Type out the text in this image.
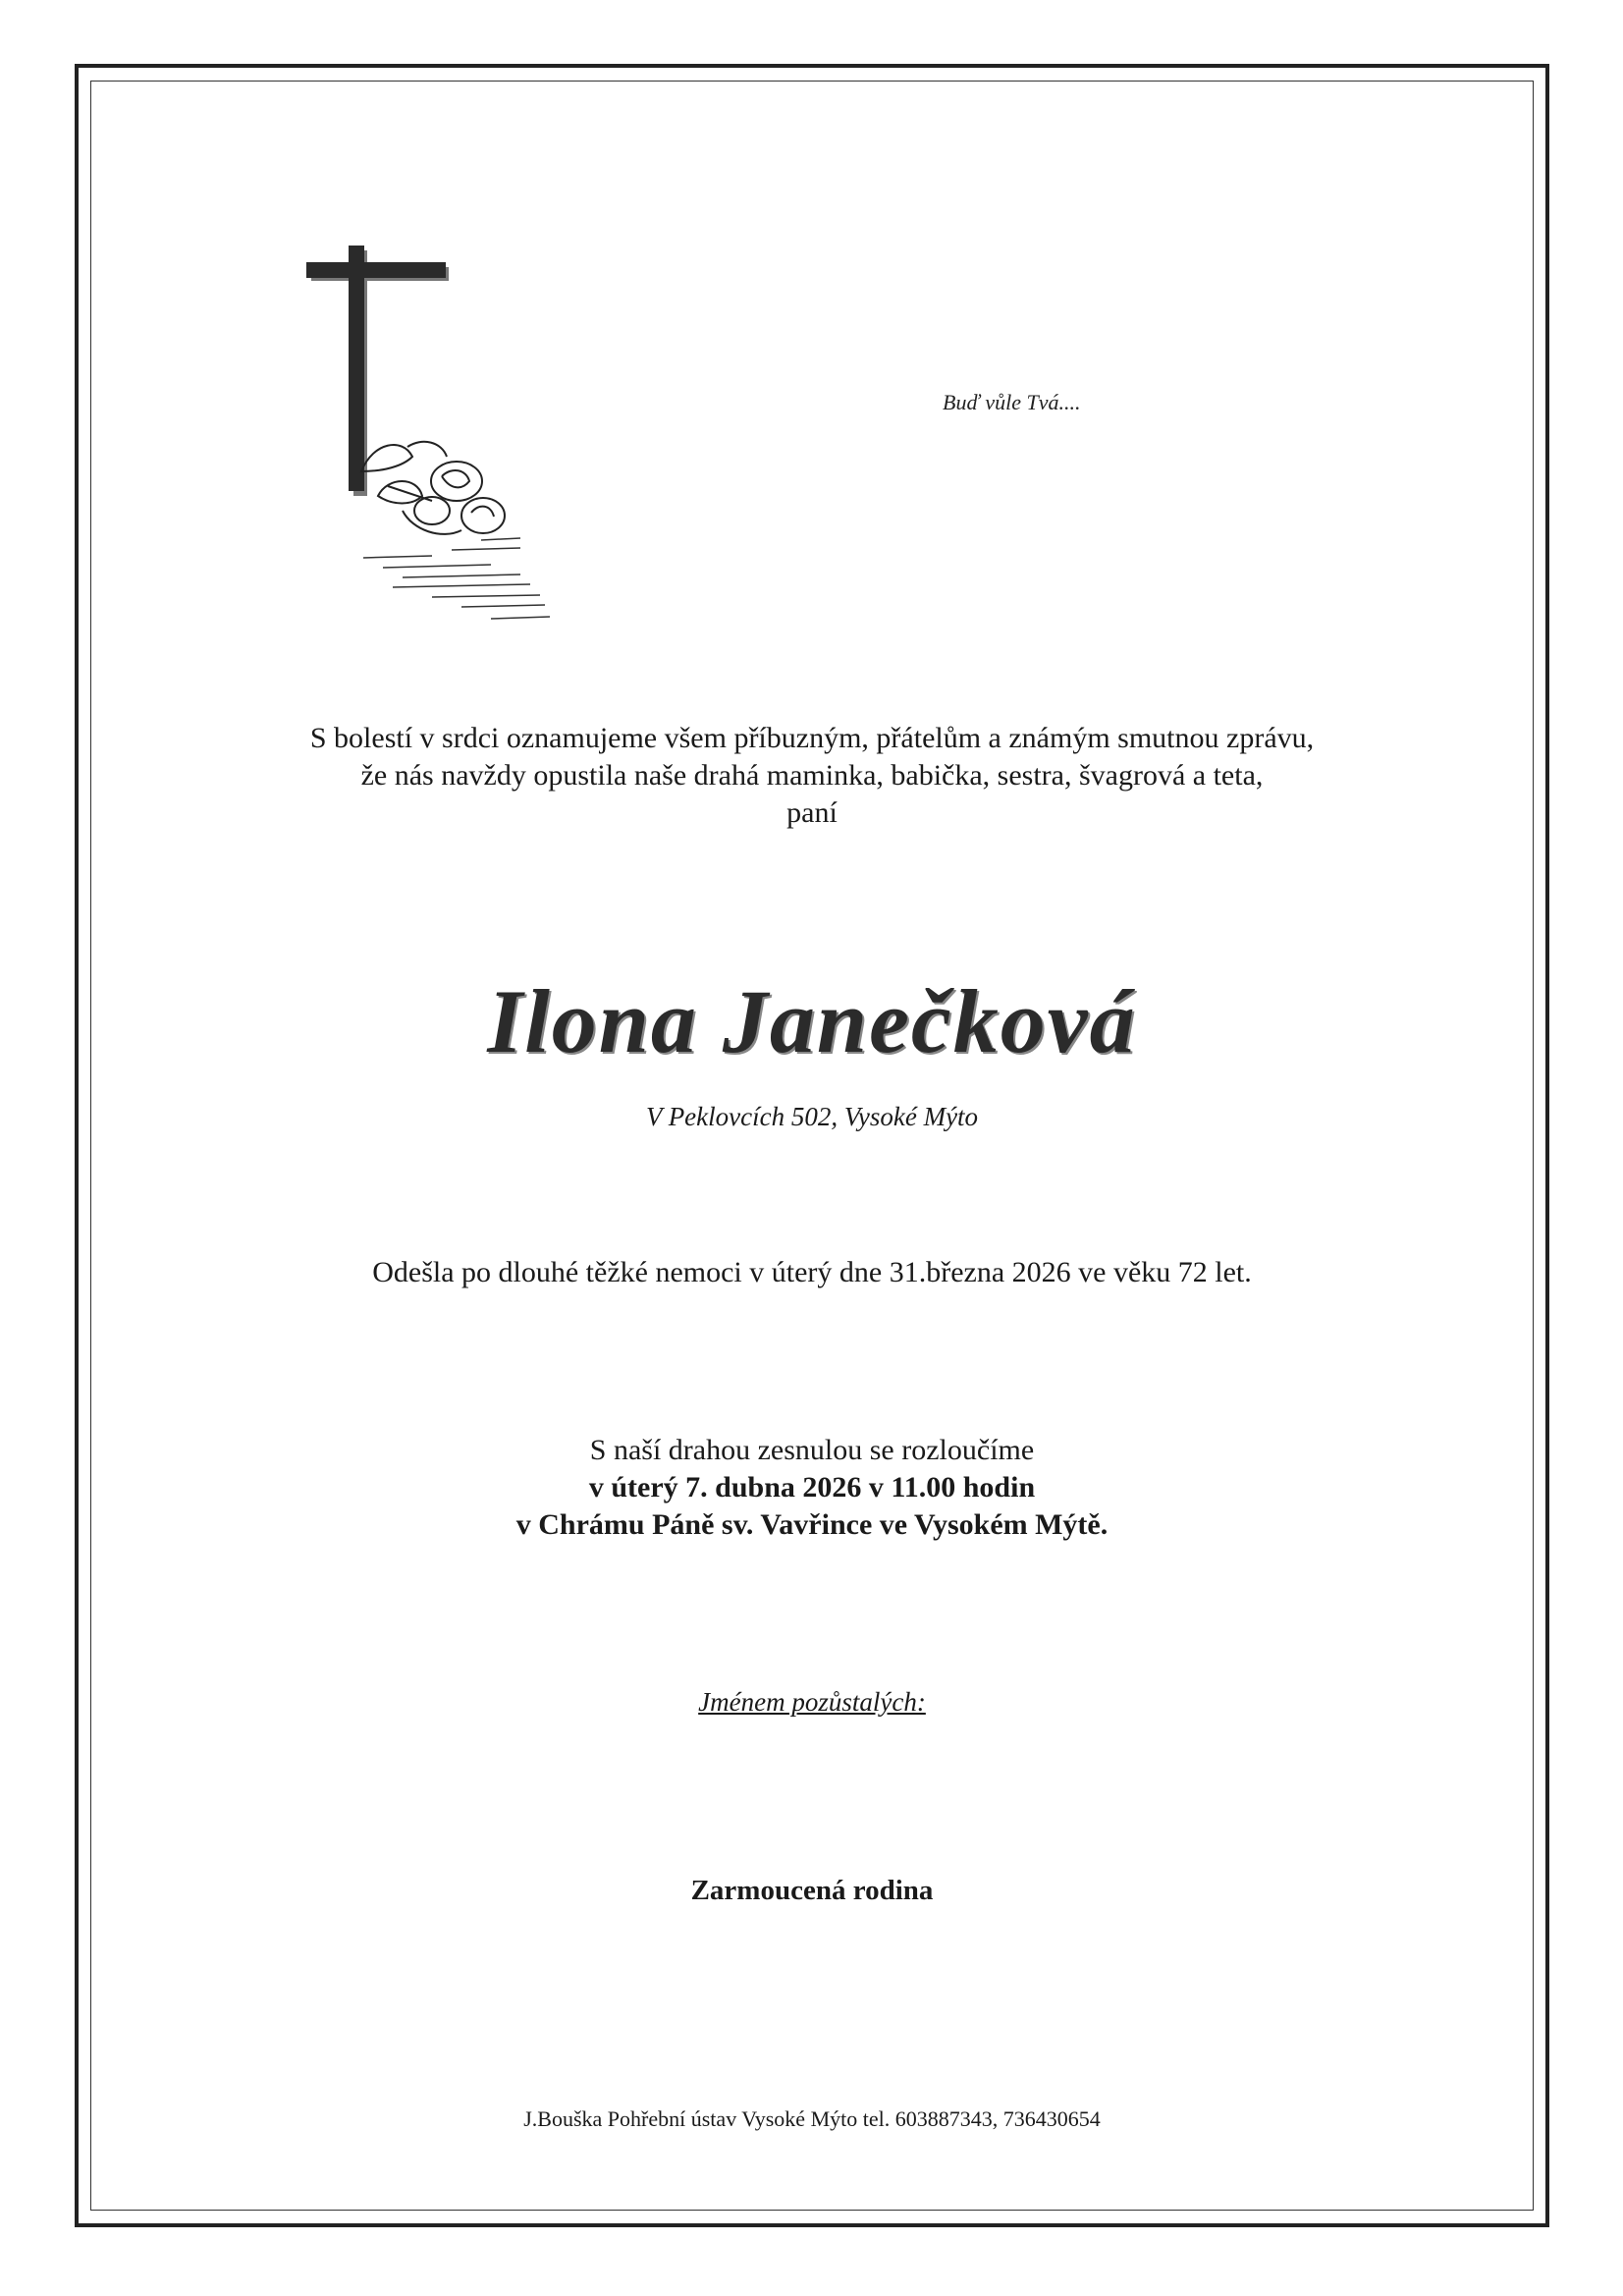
Buď vůle Tvá....
S bolestí v srdci oznamujeme všem příbuzným, přátelům a známým smutnou zprávu,
že nás navždy opustila naše drahá maminka, babička, sestra, švagrová a teta,
paní
Ilona Janečková
V Peklovcích 502, Vysoké Mýto
Odešla po dlouhé těžké nemoci v úterý dne 31.března 2026 ve věku 72 let.
S naší drahou zesnulou se rozloučíme
v úterý 7. dubna 2026 v 11.00 hodin
v Chrámu Páně sv. Vavřince ve Vysokém Mýtě.
Jménem pozůstalých:
Zarmoucená rodina
J.Bouška Pohřební ústav Vysoké Mýto tel. 603887343, 736430654
